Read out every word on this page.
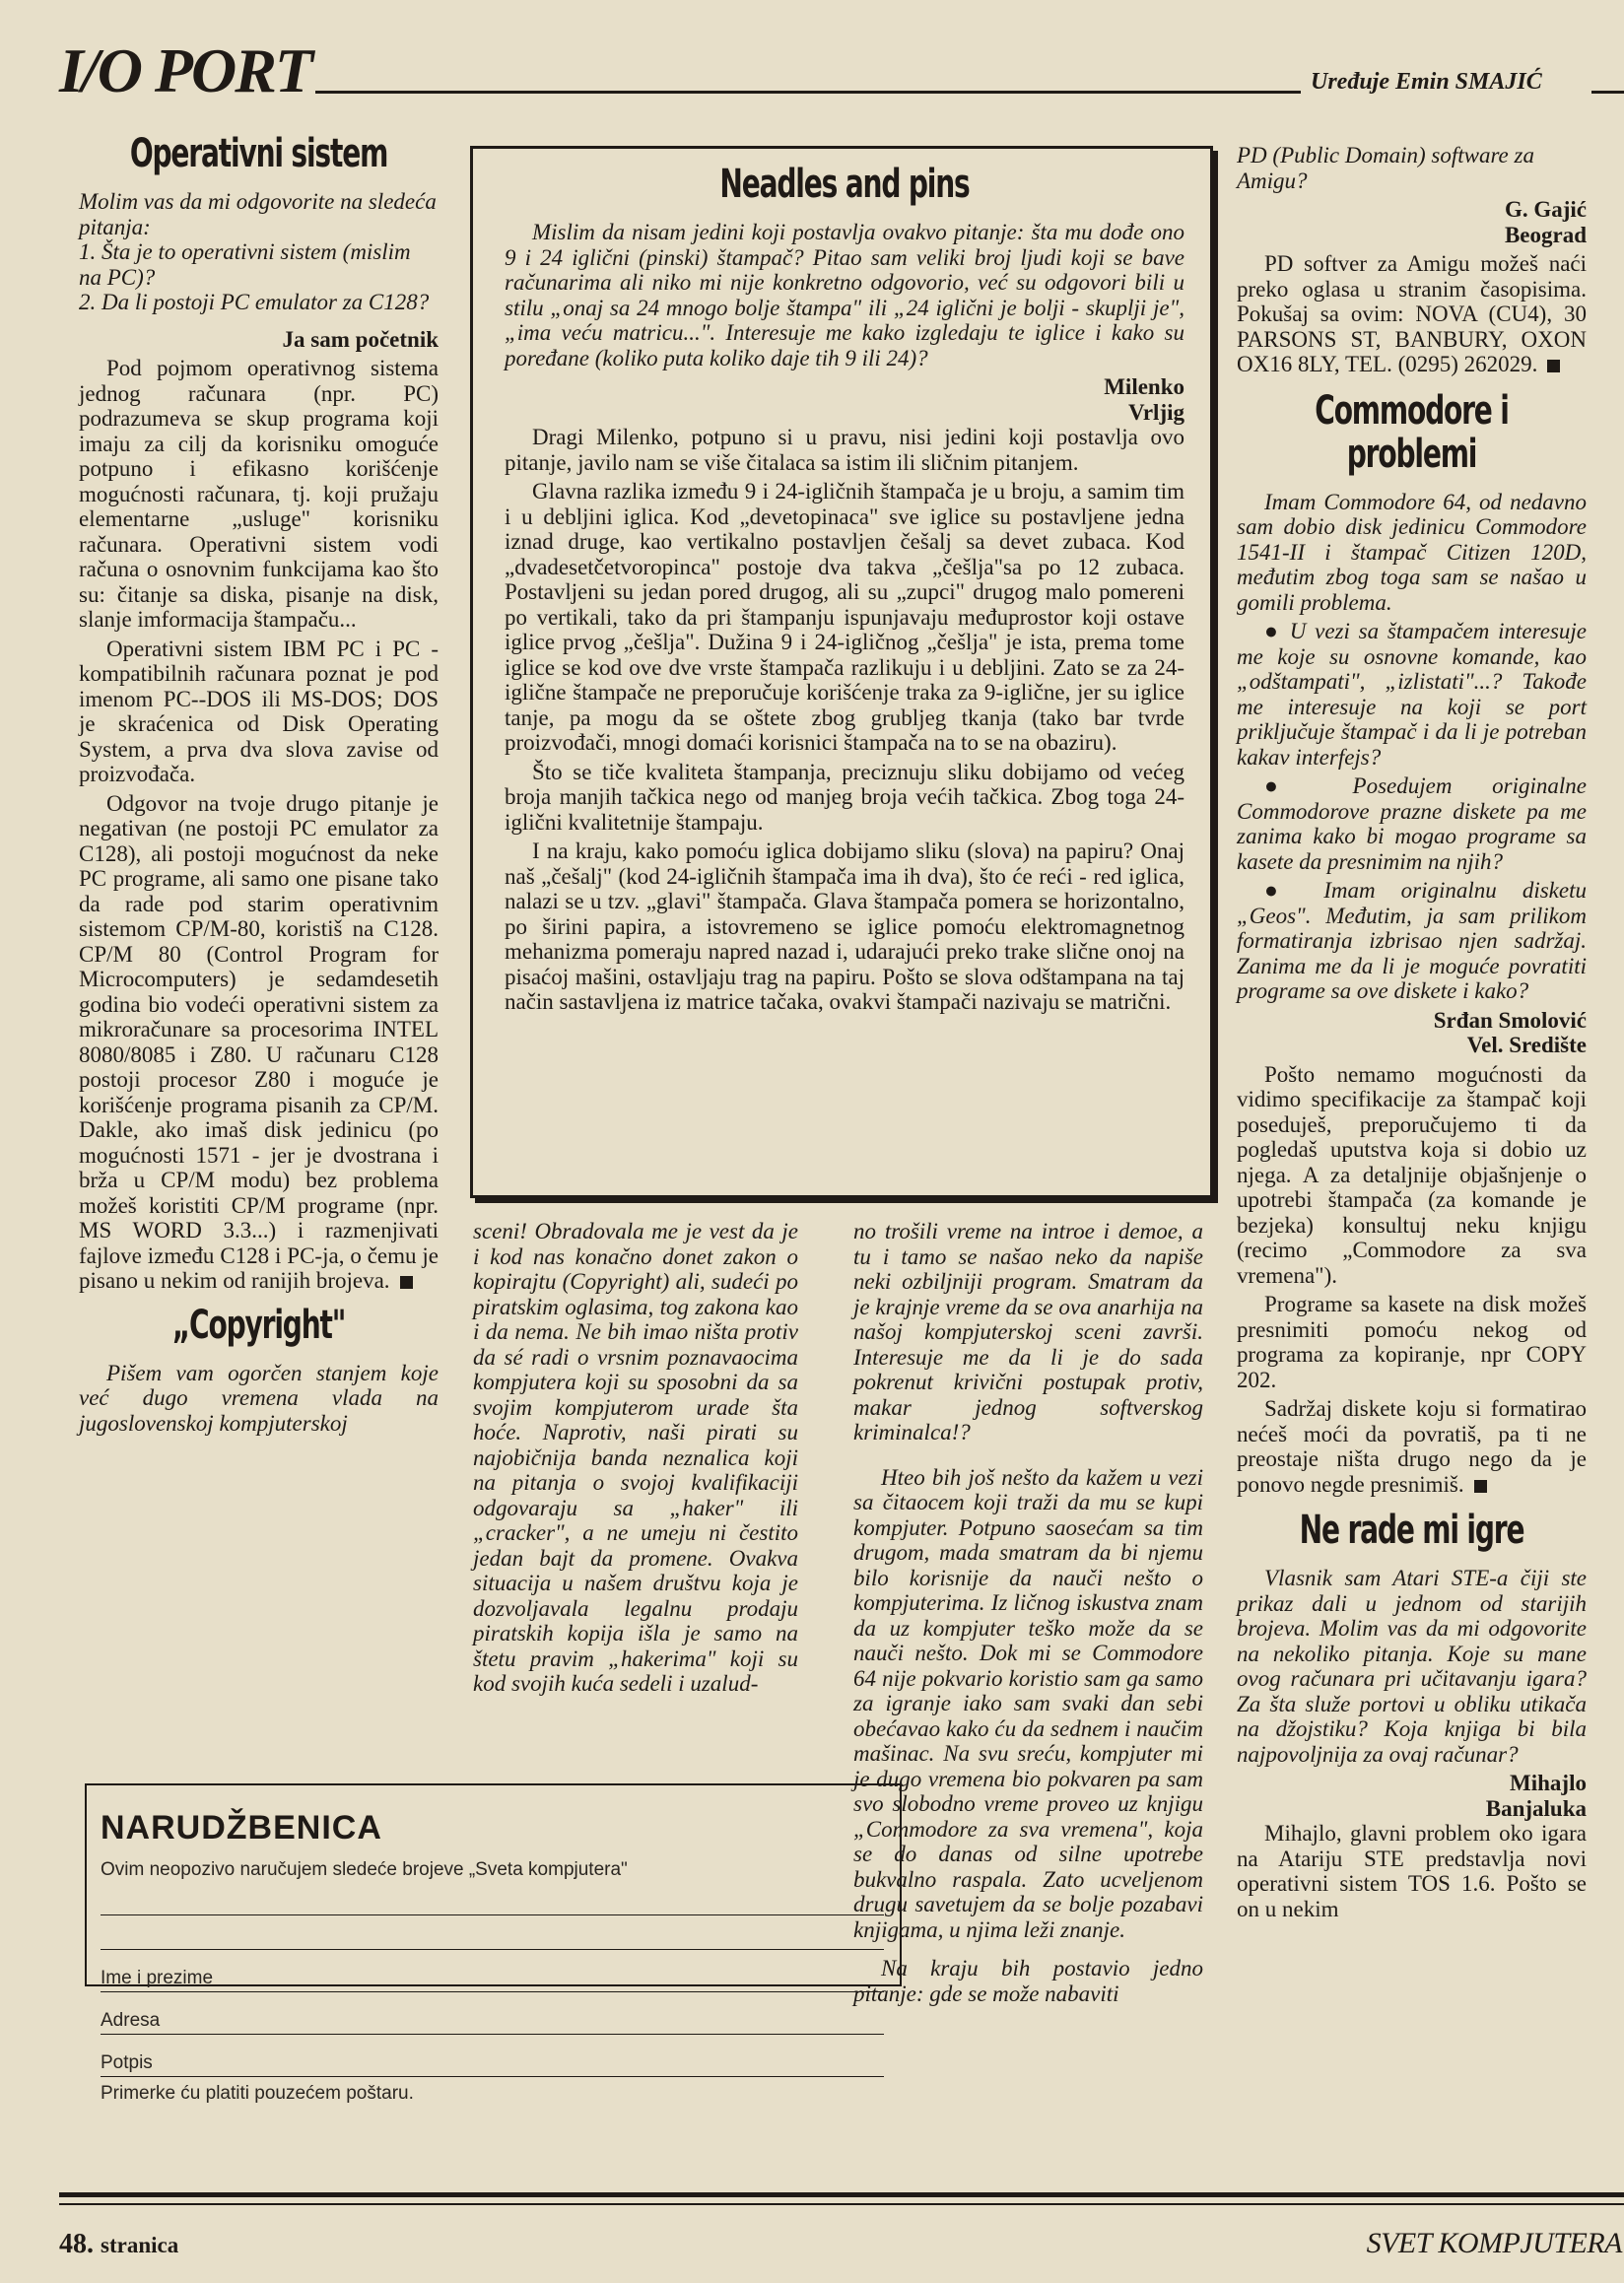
I/O PORT	Uređuje Emin SMAJIĆ
Operativni sistem

Molim vas da mi odgovorite na sledeća pitanja:
1. Šta je to operativni sistem (mislim na PC)?
2. Da li postoji PC emulator za C128?

Ja sam početnik

Pod pojmom operativnog sistema jednog računara (npr. PC) podrazumeva se skup programa koji imaju za cilj da korisniku omoguće potpuno i efikasno korišćenje mogućnosti računara, tj. koji pružaju elementarne „usluge" korisniku računara. Operativni sistem vodi računa o osnovnim funkcijama kao što su: čitanje sa diska, pisanje na disk, slanje imformacija štampaču...

Operativni sistem IBM PC i PC - kompatibilnih računara poznat je pod imenom PC--DOS ili MS-DOS; DOS je skraćenica od Disk Operating System, a prva dva slova zavise od proizvođača.

Odgovor na tvoje drugo pitanje je negativan (ne postoji PC emulator za C128), ali postoji mogućnost da neke PC programe, ali samo one pisane tako da rade pod starim operativnim sistemom CP/M-80, koristiš na C128. CP/M 80 (Control Program for Microcomputers) je sedamdesetih godina bio vodeći operativni sistem za mikroračunare sa procesorima INTEL 8080/8085 i Z80. U računaru C128 postoji procesor Z80 i moguće je korišćenje programa pisanih za CP/M. Dakle, ako imaš disk jedinicu (po mogućnosti 1571 - jer je dvostrana i brža u CP/M modu) bez problema možeš koristiti CP/M programe (npr. MS WORD 3.3...) i razmenjivati fajlove između C128 i PC-ja, o čemu je pisano u nekim od ranijih brojeva.

„Copyright"

Pišem vam ogorčen stanjem koje već dugo vremena vlada na jugoslovenskoj kompjuterskoj

Neadles and pins

Mislim da nisam jedini koji postavlja ovakvo pitanje: šta mu dođe ono 9 i 24 iglični (pinski) štampač? Pitao sam veliki broj ljudi koji se bave računarima ali niko mi nije konkretno odgovorio, već su odgovori bili u stilu „onaj sa 24 mnogo bolje štampa" ili „24 iglični je bolji - skuplji je", „ima veću matricu...". Interesuje me kako izgledaju te iglice i kako su poređane (koliko puta koliko daje tih 9 ili 24)?

Milenko
Vrljig

Dragi Milenko, potpuno si u pravu, nisi jedini koji postavlja ovo pitanje, javilo nam se više čitalaca sa istim ili sličnim pitanjem.

Glavna razlika između 9 i 24-igličnih štampača je u broju, a samim tim i u debljini iglica. Kod „devetopinaca" sve iglice su postavljene jedna iznad druge, kao vertikalno postavljen češalj sa devet zubaca. Kod „dvadesetčetvoropinca" postoje dva takva „češlja"sa po 12 zubaca. Postavljeni su jedan pored drugog, ali su „zupci" drugog malo pomereni po vertikali, tako da pri štampanju ispunjavaju međuprostor koji ostave iglice prvog „češlja". Dužina 9 i 24-igličnog „češlja" je ista, prema tome iglice se kod ove dve vrste štampača razlikuju i u debljini. Zato se za 24-iglične štampače ne preporučuje korišćenje traka za 9-iglične, jer su iglice tanje, pa mogu da se oštete zbog grubljeg tkanja (tako bar tvrde proizvođači, mnogi domaći korisnici štampača na to se na obaziru).

Što se tiče kvaliteta štampanja, preciznuju sliku dobijamo od većeg broja manjih tačkica nego od manjeg broja većih tačkica. Zbog toga 24-iglični kvalitetnije štampaju.

I na kraju, kako pomoću iglica dobijamo sliku (slova) na papiru? Onaj naš „češalj" (kod 24-igličnih štampača ima ih dva), što će reći - red iglica, nalazi se u tzv. „glavi" štampača. Glava štampača pomera se horizontalno, po širini papira, a istovremeno se iglice pomoću elektromagnetnog mehanizma pomeraju napred nazad i, udarajući preko trake slične onoj na pisaćoj mašini, ostavljaju trag na papiru. Pošto se slova odštampana na taj način sastavljena iz matrice tačaka, ovakvi štampači nazivaju se matrični.

sceni! Obradovala me je vest da je i kod nas konačno donet zakon o kopirajtu (Copyright) ali, sudeći po piratskim oglasima, tog zakona kao i da nema. Ne bih imao ništa protiv da sé radi o vrsnim poznavaocima kompjutera koji su sposobni da sa svojim kompjuterom urade šta hoće. Naprotiv, naši pirati su najobičnija banda neznalica koji na pitanja o svojoj kvalifikaciji odgovaraju sa „haker" ili „cracker", a ne umeju ni čestito jedan bajt da promene. Ovakva situacija u našem društvu koja je dozvoljavala legalnu prodaju piratskih kopija išla je samo na štetu pravim „hakerima" koji su kod svojih kuća sedeli i uzalud-

no trošili vreme na introe i demoe, a tu i tamo se našao neko da napiše neki ozbiljniji program. Smatram da je krajnje vreme da se ova anarhija na našoj kompjuterskoj sceni završi. Interesuje me da li je do sada pokrenut krivični postupak protiv, makar jednog softverskog kriminalca!?

Hteo bih još nešto da kažem u vezi sa čitaocem koji traži da mu se kupi kompjuter. Potpuno saosećam sa tim drugom, mada smatram da bi njemu bilo korisnije da nauči nešto o kompjuterima. Iz ličnog iskustva znam da uz kompjuter teško može da se nauči nešto. Dok mi se Commodore 64 nije pokvario koristio sam ga samo za igranje iako sam svaki dan sebi obećavao kako ću da sednem i naučim mašinac. Na svu sreću, kompjuter mi je dugo vremena bio pokvaren pa sam svo slobodno vreme proveo uz knjigu „Commodore za sva vremena", koja se do danas od silne upotrebe bukvalno raspala. Zato ucveljenom drugu savetujem da se bolje pozabavi knjigama, u njima leži znanje.

Na kraju bih postavio jedno pitanje: gde se može nabaviti

PD (Public Domain) software za Amigu?

G. Gajić
Beograd

PD softver za Amigu možeš naći preko oglasa u stranim časopisima. Pokušaj sa ovim: NOVA (CU4), 30 PARSONS ST, BANBURY, OXON OX16 8LY, TEL. (0295) 262029.

Commodore i problemi

Imam Commodore 64, od nedavno sam dobio disk jedinicu Commodore 1541-II i štampač Citizen 120D, međutim zbog toga sam se našao u gomili problema.

● U vezi sa štampačem interesuje me koje su osnovne komande, kao „odštampati", „izlistati"...? Takođe me interesuje na koji se port priključuje štampač i da li je potreban kakav interfejs?

● Posedujem originalne Commodorove prazne diskete pa me zanima kako bi mogao programe sa kasete da presnimim na njih?

● Imam originalnu disketu „Geos". Međutim, ja sam prilikom formatiranja izbrisao njen sadržaj. Zanima me da li je moguće povratiti programe sa ove diskete i kako?

Srđan Smolović
Vel. Središte

Pošto nemamo mogućnosti da vidimo specifikacije za štampač koji poseduješ, preporučujemo ti da pogledaš uputstva koja si dobio uz njega. A za detaljnije objašnjenje o upotrebi štampača (za komande je bezjeka) konsultuj neku knjigu (recimo „Commodore za sva vremena").

Programe sa kasete na disk možeš presnimiti pomoću nekog od programa za kopiranje, npr COPY 202.

Sadržaj diskete koju si formatirao nećeš moći da povratiš, pa ti ne preostaje ništa drugo nego da je ponovo negde presnimiš.

Ne rade mi igre

Vlasnik sam Atari STE-a čiji ste prikaz dali u jednom od starijih brojeva. Molim vas da mi odgovorite na nekoliko pitanja. Koje su mane ovog računara pri učitavanju igara? Za šta služe portovi u obliku utikača na džojstiku? Koja knjiga bi bila najpovoljnija za ovaj računar?

Mihajlo
Banjaluka

Mihajlo, glavni problem oko igara na Atariju STE predstavlja novi operativni sistem TOS 1.6. Pošto se on u nekim

NARUDŽBENICA
Ovim neopozivo naručujem sledeće brojeve „Sveta kompjutera"
Ime i prezime
Adresa
Potpis
Primerke ću platiti pouzećem poštaru.
48. stranica	SVET KOMPJUTERA
